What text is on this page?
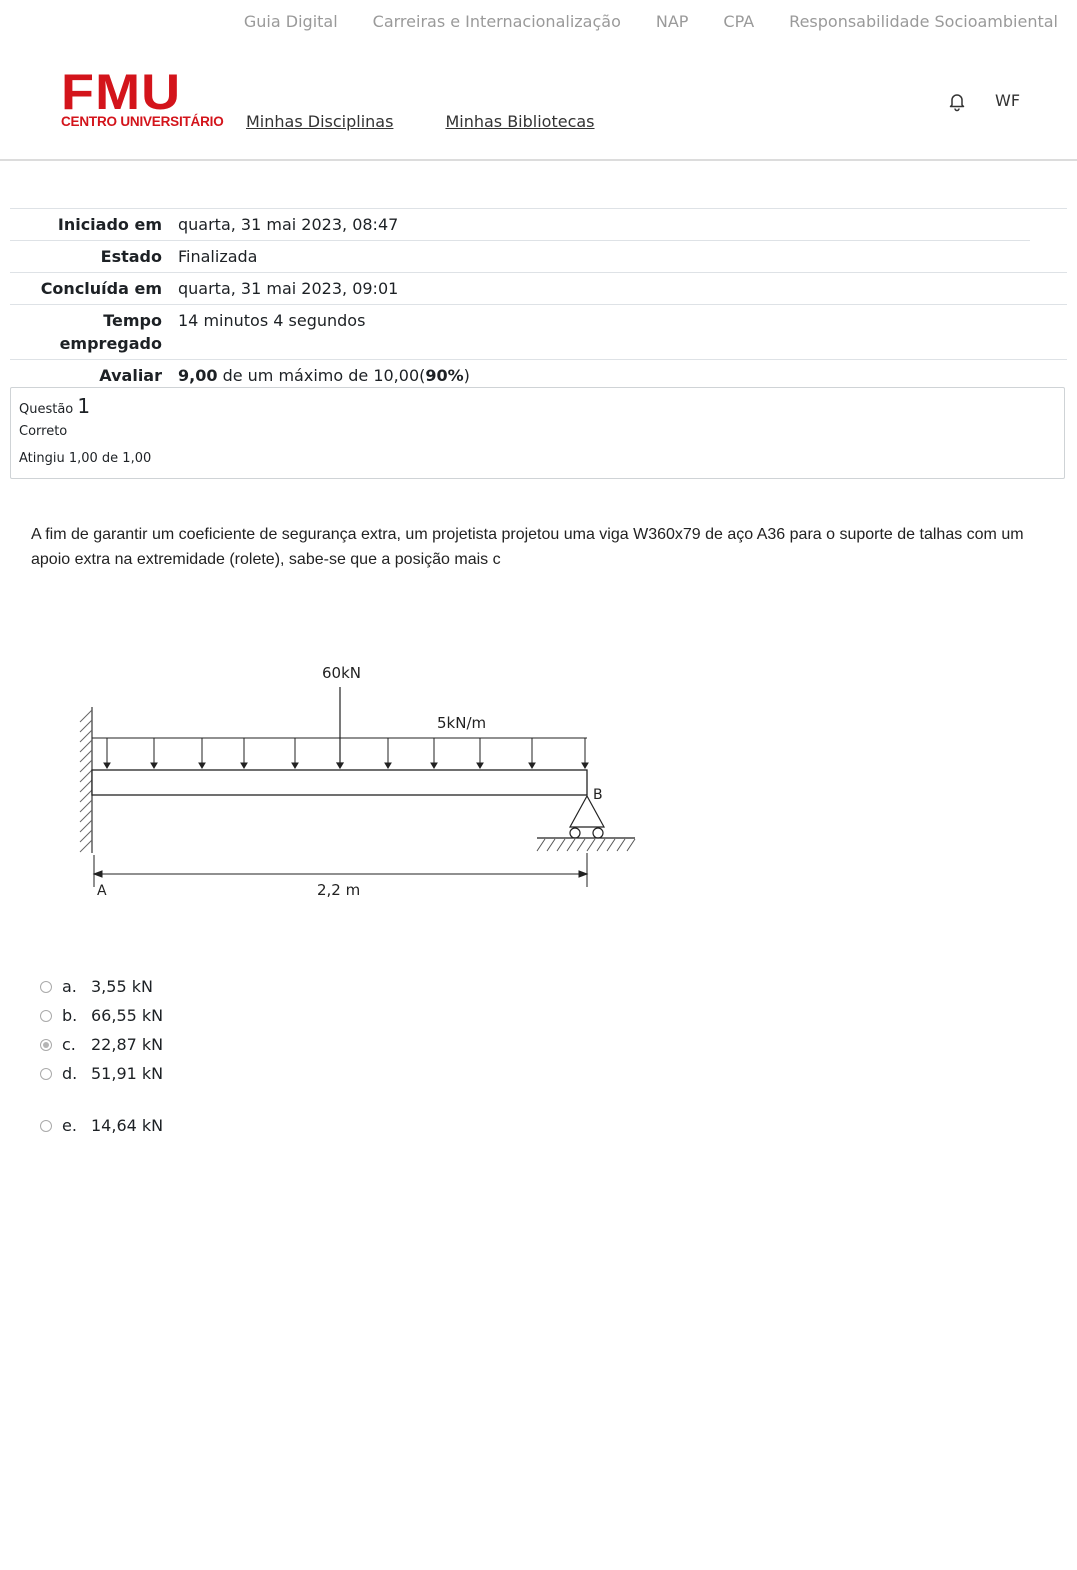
Guia Digital Carreiras e Internacionalização NAP CPA Responsabilidade Socioambiental
FMU
CENTRO UNIVERSITÁRIO Minhas Disciplinas	Minhas Bibliotecas
WF
Iniciado em	quarta, 31 mai 2023, 08:47
Estado	Finalizada
Concluída em	quarta, 31 mai 2023, 09:01
Tempo empregado
14 minutos 4 segundos
Avaliar	9,00 de um máximo de 10,00(90%)
Questão 1
Correto
Atingiu 1,00 de 1,00
A fim de garantir um coeficiente de segurança extra, um projetista projetou uma viga W360x79 de aço A36 para o suporte de talhas com um apoio extra na extremidade (rolete), sabe-se que a posição mais c
60kN
5kN/m
B
A	2,2 m
a. 3,55 kN
b. 66,55 kN
c. 22,87 kN
d. 51,91 kN
e. 14,64 kN
